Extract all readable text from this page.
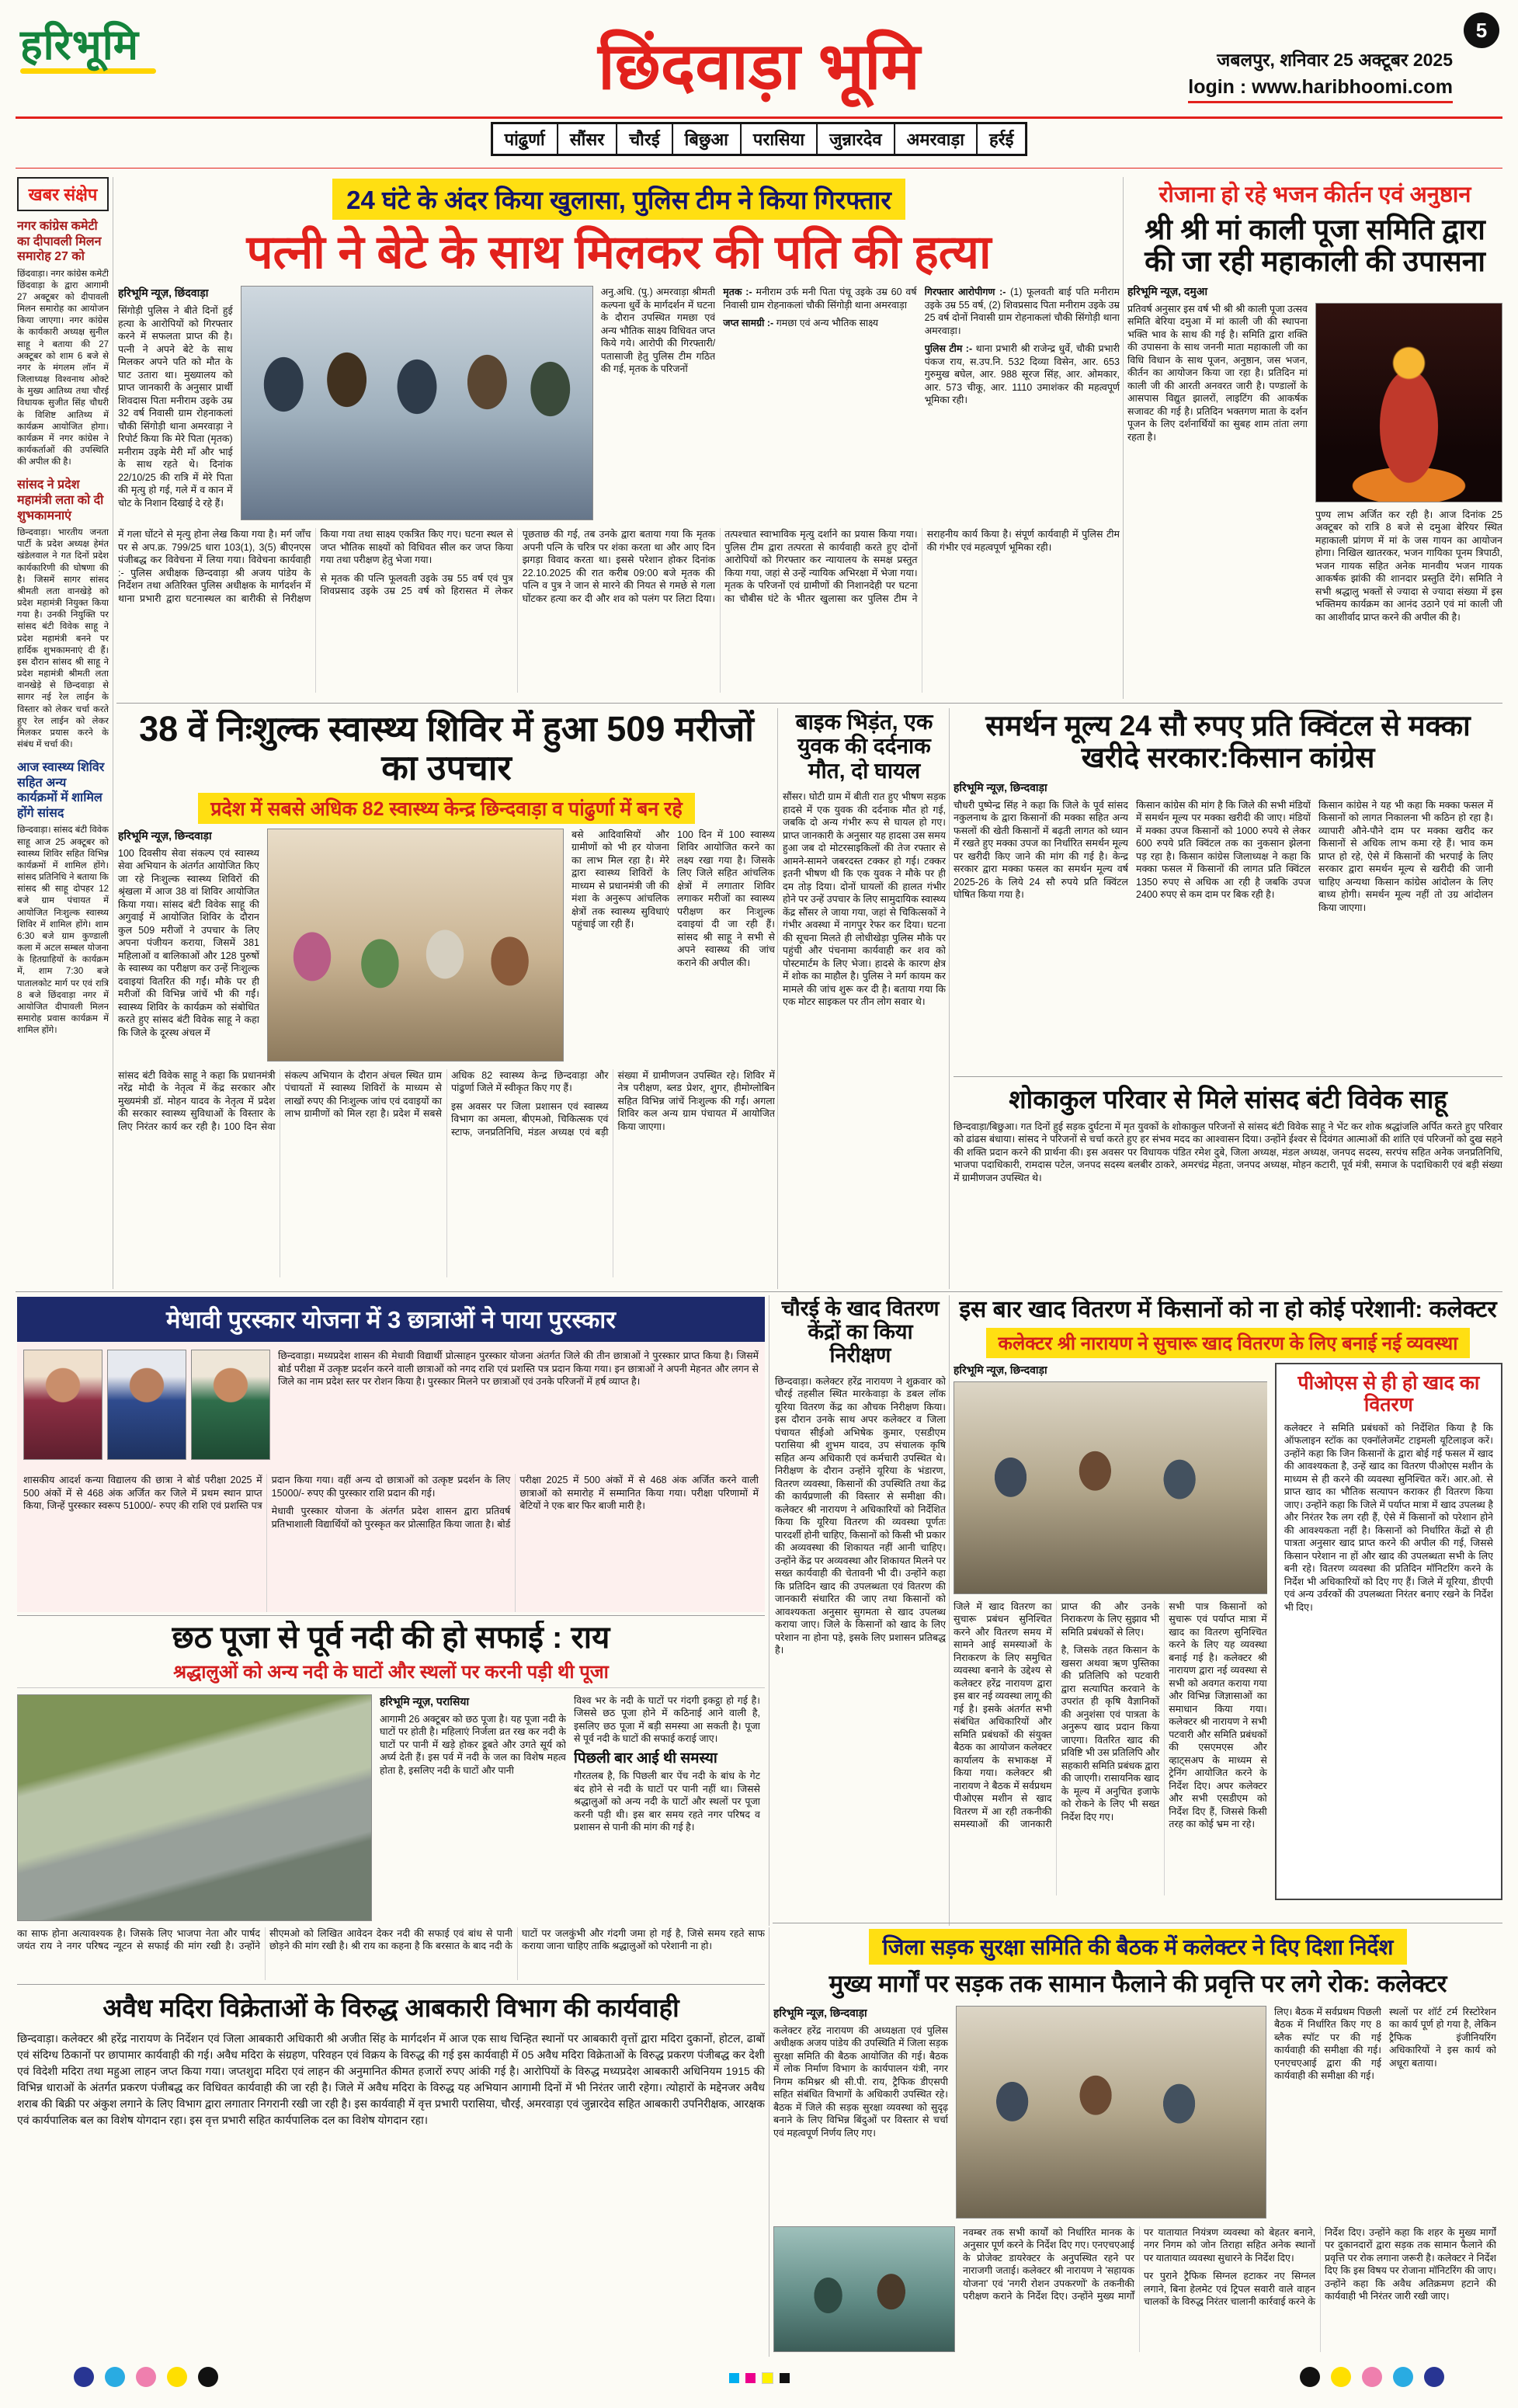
हरिभूमि	छिंदवाड़ा भूमि	जबलपुर, शनिवार 25 अक्टूबर 2025
login : www.haribhoomi.com
5
पांढु्र्णा	सौंसर	चौरई	बिछुआ	परासिया	जुन्नारदेव	अमरवाड़ा	हर्रई
खबर संक्षेप
नगर कांग्रेस कमेटी का दीपावली मिलन समारोह 27 को
छिंदवाड़ा। नगर कांग्रेस कमेटी छिंदवाड़ा के द्वारा आगामी 27 अक्टूबर को दीपावली मिलन समारोह का आयोजन किया जाएगा। नगर कांग्रेस के कार्यकारी अध्यक्ष सुनील साहू ने बताया की 27 अक्टूबर को शाम 6 बजे से नगर के मंगलम लॉन में जिलाध्यक्ष विश्वनाथ ओक्टे के मुख्य आतिथ्य तथा चौरई विधायक सुजीत सिंह चौधरी के विशिष्ट आतिथ्य में कार्यक्रम आयोजित होगा। कार्यक्रम में नगर कांग्रेस ने कार्यकर्ताओं की उपस्थिति की अपील की है।
सांसद ने प्रदेश महामंत्री लता को दी शुभकामनाएं
छिन्दवाड़ा। भारतीय जनता पार्टी के प्रदेश अध्यक्ष हेमंत खंडेलवाल ने गत दिनों प्रदेश कार्यकारिणी की घोषणा की है। जिसमें सागर सांसद श्रीमती लता वानखेड़े को प्रदेश महामंत्री नियुक्त किया गया है। उनकी नियुक्ति पर सांसद बंटी विवेक साहू ने प्रदेश महामंत्री बनने पर हार्दिक शुभकामनाएं दी हैं। इस दौरान सांसद श्री साहू ने प्रदेश महामंत्री श्रीमती लता वानखेड़े से छिन्दवाड़ा से सागर नई रेल लाईन के विस्तार को लेकर चर्चा करते हुए रेल लाईन को लेकर मिलकर प्रयास करने के संबंध में चर्चा की।
आज स्वास्थ्य शिविर सहित अन्य कार्यक्रमों में शामिल होंगे सांसद
छिन्दवाड़ा। सांसद बंटी विवेक साहू आज 25 अक्टूबर को स्वास्थ्य शिविर सहित विभिन्न कार्यक्रमों में शामिल होंगे। सांसद प्रतिनिधि ने बताया कि सांसद श्री साहू दोपहर 12 बजे ग्राम पंचायत में आयोजित निःशुल्क स्वास्थ्य शिविर में शामिल होंगे। शाम 6:30 बजे ग्राम कुण्डाली कला में अटल सम्बल योजना के हितग्राहियों के कार्यक्रम में, शाम 7:30 बजे पातालकोट मार्ग पर एवं रात्रि 8 बजे छिंदवाड़ा नगर में आयोजित दीपावली मिलन समारोह प्रवास कार्यक्रम में शामिल होंगे।
24 घंटे के अंदर किया खुलासा, पुलिस टीम ने किया गिरफ्तार
पत्नी ने बेटे के साथ मिलकर की पति की हत्या
हरिभूमि न्यूज़, छिंदवाड़ा
सिंगोड़ी पुलिस ने बीते दिनों हुई हत्या के आरोपियों को गिरफ्तार करने में सफलता प्राप्त की है। पत्नी ने अपने बेटे के साथ मिलकर अपने पति को मौत के घाट उतारा था। मुख्यालय को प्राप्त जानकारी के अनुसार प्रार्थी शिवदास पिता मनीराम उइके उम्र 32 वर्ष निवासी ग्राम रोहनाकलां चौकी सिंगोड़ी थाना अमरवाड़ा ने रिपोर्ट किया कि मेरे पिता (मृतक) मनीराम उइके मेरी माँ और भाई के साथ रहते थे। दिनांक 22/10/25 की रात्रि में मेरे पिता की मृत्यु हो गई, गले में व कान में चोट के निशान दिखाई दे रहे हैं।
अनु.अधि. (पु.) अमरवाड़ा श्रीमती कल्पना धुर्वे के मार्गदर्शन में घटना के दौरान उपस्थित गमछा एवं अन्य भौतिक साक्ष्य विधिवत जप्त किये गये। आरोपी की गिरफ्तारी/पतासाजी हेतु पुलिस टीम गठित की गई, मृतक के परिजनों

मृतक :- मनीराम उर्फ मनी पिता पंचू उइके उम्र 60 वर्ष निवासी ग्राम रोहनाकलां चौकी सिंगोड़ी थाना अमरवाड़ा

जप्त सामग्री :- गमछा एवं अन्य भौतिक साक्ष्य

गिरफ्तार आरोपीगण :- (1) फूलवती बाई पति मनीराम उइके उम्र 55 वर्ष, (2) शिवप्रसाद पिता मनीराम उइके उम्र 25 वर्ष दोनों निवासी ग्राम रोहनाकलां चौकी सिंगोड़ी थाना अमरवाड़ा।

पुलिस टीम :- थाना प्रभारी श्री राजेन्द्र धुर्वे, चौकी प्रभारी पंकज राय, स.उप.नि. 532 दिव्या विसेन, आर. 653 गुरुमुख बघेल, आर. 988 सूरज सिंह, आर. ओमकार, आर. 573 चीकू, आर. 1110 उमाशंकर की महत्वपूर्ण भूमिका रही।

में गला घोंटने से मृत्यु होना लेख किया गया है। मर्ग जाँच पर से अप.क्र. 799/25 धारा 103(1), 3(5) बीएनएस पंजीबद्ध कर विवेचना में लिया गया। विवेचना कार्यवाही :- पुलिस अधीक्षक छिन्दवाड़ा श्री अजय पांडेय के निर्देशन तथा अतिरिक्त पुलिस अधीक्षक के मार्गदर्शन में थाना प्रभारी द्वारा घटनास्थल का बारीकी से निरीक्षण किया गया तथा साक्ष्य एकत्रित किए गए। घटना स्थल से जप्त भौतिक साक्ष्यों को विधिवत सील कर जप्त किया गया तथा परीक्षण हेतु भेजा गया।

से मृतक की पत्नि फूलवती उइके उम्र 55 वर्ष एवं पुत्र शिवप्रसाद उइके उम्र 25 वर्ष को हिरासत में लेकर पूछताछ की गई, तब उनके द्वारा बताया गया कि मृतक अपनी पत्नि के चरित्र पर शंका करता था और आए दिन झगड़ा विवाद करता था। इससे परेशान होकर दिनांक 22.10.2025 की रात करीब 09:00 बजे मृतक की पत्नि व पुत्र ने जान से मारने की नियत से गमछे से गला घोंटकर हत्या कर दी और शव को पलंग पर लिटा दिया। तत्पश्चात स्वाभाविक मृत्यु दर्शाने का प्रयास किया गया। पुलिस टीम द्वारा तत्परता से कार्यवाही करते हुए दोनों आरोपियों को गिरफ्तार कर न्यायालय के समक्ष प्रस्तुत किया गया, जहां से उन्हें न्यायिक अभिरक्षा में भेजा गया। मृतक के परिजनों एवं ग्रामीणों की निशानदेही पर घटना का चौबीस घंटे के भीतर खुलासा कर पुलिस टीम ने सराहनीय कार्य किया है। संपूर्ण कार्यवाही में पुलिस टीम की गंभीर एवं महत्वपूर्ण भूमिका रही।

रोजाना हो रहे भजन कीर्तन एवं अनुष्ठान
श्री श्री मां काली पूजा समिति द्वारा की जा रही महाकाली की उपासना
हरिभूमि न्यूज़, दमुआ
प्रतिवर्ष अनुसार इस वर्ष भी श्री श्री काली पूजा उत्सव समिति बेरिया दमुआ में मां काली जी की स्थापना भक्ति भाव के साथ की गई है। समिति द्वारा शक्ति की उपासना के साथ जननी माता महाकाली जी का विधि विधान के साथ पूजन, अनुष्ठान, जस भजन, कीर्तन का आयोजन किया जा रहा है। प्रतिदिन मां काली जी की आरती अनवरत जारी है। पण्डालों के आसपास विद्युत झालरों, लाइटिंग की आकर्षक सजावट की गई है। प्रतिदिन भक्तगण माता के दर्शन पूजन के लिए दर्शनार्थियों का सुबह शाम तांता लगा रहता है।
पुण्य लाभ अर्जित कर रही है। आज दिनांक 25 अक्टूबर को रात्रि 8 बजे से दमुआ बेरियर स्थित महाकाली प्रांगण में मां के जस गायन का आयोजन होगा। निखिल खातरकर, भजन गायिका पूनम त्रिपाठी, भजन गायक सहित अनेक मानवीय भजन गायक आकर्षक झांकी की शानदार प्रस्तुति देंगे। समिति ने सभी श्रद्धालु भक्तों से ज्यादा से ज्यादा संख्या में इस भक्तिमय कार्यक्रम का आनंद उठाने एवं मां काली जी का आशीर्वाद प्राप्त करने की अपील की है।
38 वें निःशुल्क स्वास्थ्य शिविर में हुआ 509 मरीजों का उपचार
प्रदेश में सबसे अधिक 82 स्वास्थ्य केन्द्र छिन्दवाड़ा व पांढुर्णा में बन रहे
हरिभूमि न्यूज़, छिन्दवाड़ा
100 दिवसीय सेवा संकल्प एवं स्वास्थ्य सेवा अभियान के अंतर्गत आयोजित किए जा रहे निःशुल्क स्वास्थ्य शिविरों की श्रृंखला में आज 38 वां शिविर आयोजित किया गया। सांसद बंटी विवेक साहू की अगुवाई में आयोजित शिविर के दौरान कुल 509 मरीजों ने उपचार के लिए अपना पंजीयन कराया, जिसमें 381 महिलाओं व बालिकाओं और 128 पुरुषों के स्वास्थ्य का परीक्षण कर उन्हें निःशुल्क दवाइयां वितरित की गईं। मौके पर ही मरीजों की विभिन्न जांचें भी की गईं। स्वास्थ्य शिविर के कार्यक्रम को संबोधित करते हुए सांसद बंटी विवेक साहू ने कहा कि जिले के दूरस्थ अंचल में
बसे आदिवासियों और ग्रामीणों को भी हर योजना का लाभ मिल रहा है। मेरे द्वारा स्वास्थ्य शिविरों के माध्यम से प्रधानमंत्री जी की मंशा के अनुरूप आंचलिक क्षेत्रों तक स्वास्थ्य सुविधाएं पहुंचाई जा रही हैं।
100 दिन में 100 स्वास्थ्य शिविर आयोजित करने का लक्ष्य रखा गया है। जिसके लिए जिले सहित आंचलिक क्षेत्रों में लगातार शिविर लगाकर मरीजों का स्वास्थ्य परीक्षण कर निःशुल्क दवाइयां दी जा रही हैं। सांसद श्री साहू ने सभी से अपने स्वास्थ्य की जांच कराने की अपील की।

सांसद बंटी विवेक साहू ने कहा कि प्रधानमंत्री नरेंद्र मोदी के नेतृत्व में केंद्र सरकार और मुख्यमंत्री डॉ. मोहन यादव के नेतृत्व में प्रदेश की सरकार स्वास्थ्य सुविधाओं के विस्तार के लिए निरंतर कार्य कर रही है। 100 दिन सेवा संकल्प अभियान के दौरान अंचल स्थित ग्राम पंचायतों में स्वास्थ्य शिविरों के माध्यम से लाखों रुपए की निःशुल्क जांच एवं दवाइयों का लाभ ग्रामीणों को मिल रहा है। प्रदेश में सबसे अधिक 82 स्वास्थ्य केन्द्र छिन्दवाड़ा और पांढुर्णा जिले में स्वीकृत किए गए हैं।

इस अवसर पर जिला प्रशासन एवं स्वास्थ्य विभाग का अमला, बीएमओ, चिकित्सक एवं स्टाफ, जनप्रतिनिधि, मंडल अध्यक्ष एवं बड़ी संख्या में ग्रामीणजन उपस्थित रहे। शिविर में नेत्र परीक्षण, ब्लड प्रेशर, शुगर, हीमोग्लोबिन सहित विभिन्न जांचें निःशुल्क की गईं। अगला शिविर कल अन्य ग्राम पंचायत में आयोजित किया जाएगा।

बाइक भिड़ंत, एक युवक की दर्दनाक मौत, दो घायल
सौंसर। घोटी ग्राम में बीती रात हुए भीषण सड़क हादसे में एक युवक की दर्दनाक मौत हो गई, जबकि दो अन्य गंभीर रूप से घायल हो गए। प्राप्त जानकारी के अनुसार यह हादसा उस समय हुआ जब दो मोटरसाइकिलों की तेज रफ्तार से आमने-सामने जबरदस्त टक्कर हो गई। टक्कर इतनी भीषण थी कि एक युवक ने मौके पर ही दम तोड़ दिया। दोनों घायलों की हालत गंभीर होने पर उन्हें उपचार के लिए सामुदायिक स्वास्थ्य केंद्र सौंसर ले जाया गया, जहां से चिकित्सकों ने गंभीर अवस्था में नागपुर रेफर कर दिया। घटना की सूचना मिलते ही लोधीखेड़ा पुलिस मौके पर पहुंची और पंचनामा कार्यवाही कर शव को पोस्टमार्टम के लिए भेजा। हादसे के कारण क्षेत्र में शोक का माहौल है। पुलिस ने मर्ग कायम कर मामले की जांच शुरू कर दी है। बताया गया कि एक मोटर साइकल पर तीन लोग सवार थे।
समर्थन मूल्य 24 सौ रुपए प्रति क्विंटल से मक्का खरीदे सरकार:किसान कांग्रेस
हरिभूमि न्यूज़, छिन्दवाड़ा
चौधरी पुष्पेन्द्र सिंह ने कहा कि जिले के पूर्व सांसद नकुलनाथ के द्वारा किसानों की मक्का सहित अन्य फसलों की खेती किसानों में बढ़ती लागत को ध्यान में रखते हुए मक्का उपज का निर्धारित समर्थन मूल्य पर खरीदी किए जाने की मांग की गई है। केन्द्र सरकार द्वारा मक्का फसल का समर्थन मूल्य वर्ष 2025-26 के लिये 24 सौ रुपये प्रति क्विंटल घोषित किया गया है।
किसान कांग्रेस की मांग है कि जिले की सभी मंडियों में समर्थन मूल्य पर मक्का खरीदी की जाए। मंडियों में मक्का उपज किसानों को 1000 रुपये से लेकर 600 रुपये प्रति क्विंटल तक का नुकसान झेलना पड़ रहा है। किसान कांग्रेस जिलाध्यक्ष ने कहा कि मक्का फसल में किसानों की लागत प्रति क्विंटल 1350 रुपए से अधिक आ रही है जबकि उपज 2400 रुपए से कम दाम पर बिक रही है।
किसान कांग्रेस ने यह भी कहा कि मक्का फसल में किसानों को लागत निकालना भी कठिन हो रहा है। व्यापारी औने-पौने दाम पर मक्का खरीद कर किसानों से अधिक लाभ कमा रहे हैं। भाव कम प्राप्त हो रहे, ऐसे में किसानों की भरपाई के लिए सरकार द्वारा समर्थन मूल्य से खरीदी की जानी चाहिए अन्यथा किसान कांग्रेस आंदोलन के लिए बाध्य होगी। समर्थन मूल्य नहीं तो उग्र आंदोलन किया जाएगा।
शोकाकुल परिवार से मिले सांसद बंटी विवेक साहू
छिन्दवाड़ा/बिछुआ। गत दिनों हुई सड़क दुर्घटना में मृत युवकों के शोकाकुल परिजनों से सांसद बंटी विवेक साहू ने भेंट कर शोक श्रद्धांजलि अर्पित करते हुए परिवार को ढांढस बंधाया। सांसद ने परिजनों से चर्चा करते हुए हर संभव मदद का आश्वासन दिया। उन्होंने ईश्वर से दिवंगत आत्माओं की शांति एवं परिजनों को दुख सहने की शक्ति प्रदान करने की प्रार्थना की। इस अवसर पर विधायक पंडित रमेश दुबे, जिला अध्यक्ष, मंडल अध्यक्ष, जनपद सदस्य, सरपंच सहित अनेक जनप्रतिनिधि, भाजपा पदाधिकारी, रामदास पटेल, जनपद सदस्य बलबीर ठाकरे, अमरचंद्र मेहता, जनपद अध्यक्ष, मोहन कटारी, पूर्व मंत्री, समाज के पदाधिकारी एवं बड़ी संख्या में ग्रामीणजन उपस्थित थे।
मेधावी पुरस्कार योजना में 3 छात्राओं ने पाया पुरस्कार
छिन्दवाड़ा। मध्यप्रदेश शासन की मेधावी विद्यार्थी प्रोत्साहन पुरस्कार योजना अंतर्गत जिले की तीन छात्राओं ने पुरस्कार प्राप्त किया है। जिसमें बोर्ड परीक्षा में उत्कृष्ट प्रदर्शन करने वाली छात्राओं को नगद राशि एवं प्रशस्ति पत्र प्रदान किया गया। इन छात्राओं ने अपनी मेहनत और लगन से जिले का नाम प्रदेश स्तर पर रोशन किया है। पुरस्कार मिलने पर छात्राओं एवं उनके परिजनों में हर्ष व्याप्त है।

शासकीय आदर्श कन्या विद्यालय की छात्रा ने बोर्ड परीक्षा 2025 में 500 अंकों में से 468 अंक अर्जित कर जिले में प्रथम स्थान प्राप्त किया, जिन्हें पुरस्कार स्वरूप 51000/- रुपए की राशि एवं प्रशस्ति पत्र प्रदान किया गया। वहीं अन्य दो छात्राओं को उत्कृष्ट प्रदर्शन के लिए 15000/- रुपए की पुरस्कार राशि प्रदान की गई।

मेधावी पुरस्कार योजना के अंतर्गत प्रदेश शासन द्वारा प्रतिवर्ष प्रतिभाशाली विद्यार्थियों को पुरस्कृत कर प्रोत्साहित किया जाता है। बोर्ड परीक्षा 2025 में 500 अंकों में से 468 अंक अर्जित करने वाली छात्राओं को समारोह में सम्मानित किया गया। परीक्षा परिणामों में बेटियों ने एक बार फिर बाजी मारी है।

चौरई के खाद वितरण केंद्रों का किया निरीक्षण
छिन्दवाड़ा। कलेक्टर हरेंद्र नारायण ने शुक्रवार को चौरई तहसील स्थित मारकेवाड़ा के डबल लॉक यूरिया वितरण केंद्र का औचक निरीक्षण किया। इस दौरान उनके साथ अपर कलेक्टर व जिला पंचायत सीईओ अभिषेक कुमार, एसडीएम परासिया श्री शुभम यादव, उप संचालक कृषि सहित अन्य अधिकारी एवं कर्मचारी उपस्थित थे। निरीक्षण के दौरान उन्होंने यूरिया के भंडारण, वितरण व्यवस्था, किसानों की उपस्थिति तथा केंद्र की कार्यप्रणाली की विस्तार से समीक्षा की। कलेक्टर श्री नारायण ने अधिकारियों को निर्देशित किया कि यूरिया वितरण की व्यवस्था पूर्णतः पारदर्शी होनी चाहिए, किसानों को किसी भी प्रकार की अव्यवस्था की शिकायत नहीं आनी चाहिए। उन्होंने केंद्र पर अव्यवस्था और शिकायत मिलने पर सख्त कार्यवाही की चेतावनी भी दी। उन्होंने कहा कि प्रतिदिन खाद की उपलब्धता एवं वितरण की जानकारी संधारित की जाए तथा किसानों को आवश्यकता अनुसार सुगमता से खाद उपलब्ध कराया जाए। जिले के किसानों को खाद के लिए परेशान ना होना पड़े, इसके लिए प्रशासन प्रतिबद्ध है।
इस बार खाद वितरण में किसानों को ना हो कोई परेशानी: कलेक्टर
कलेक्टर श्री नारायण ने सुचारू खाद वितरण के लिए बनाई नई व्यवस्था
हरिभूमि न्यूज़, छिन्दवाड़ा

जिले में खाद वितरण का सुचारू प्रबंधन सुनिश्चित करने और वितरण समय में सामने आई समस्याओं के निराकरण के लिए समुचित व्यवस्था बनाने के उद्देश्य से कलेक्टर हरेंद्र नारायण द्वारा इस बार नई व्यवस्था लागू की गई है। इसके अंतर्गत सभी संबंधित अधिकारियों और समिति प्रबंधकों की संयुक्त बैठक का आयोजन कलेक्टर कार्यालय के सभाकक्ष में किया गया। कलेक्टर श्री नारायण ने बैठक में सर्वप्रथम पीओएस मशीन से खाद वितरण में आ रही तकनीकी समस्याओं की जानकारी प्राप्त की और उनके निराकरण के लिए सुझाव भी समिति प्रबंधकों से लिए।

है, जिसके तहत किसान के खसरा अथवा ऋण पुस्तिका की प्रतिलिपि को पटवारी द्वारा सत्यापित करवाने के उपरांत ही कृषि वैज्ञानिकों की अनुशंसा एवं पात्रता के अनुरूप खाद प्रदान किया जाएगा। वितरित खाद की प्रविष्टि भी उस प्रतिलिपि और सहकारी समिति प्रबंधक द्वारा की जाएगी। रासायनिक खाद के मूल्य में अनुचित इजाफे को रोकने के लिए भी सख्त निर्देश दिए गए।

सभी पात्र किसानों को सुचारू एवं पर्याप्त मात्रा में खाद का वितरण सुनिश्चित करने के लिए यह व्यवस्था बनाई गई है। कलेक्टर श्री नारायण द्वारा नई व्यवस्था से सभी को अवगत कराया गया और विभिन्न जिज्ञासाओं का समाधान किया गया। कलेक्टर श्री नारायण ने सभी पटवारी और समिति प्रबंधकों की एसएमएस और व्हाट्सअप के माध्यम से ट्रेनिंग आयोजित करने के निर्देश दिए। अपर कलेक्टर और सभी एसडीएम को निर्देश दिए हैं, जिससे किसी तरह का कोई भ्रम ना रहे।

पीओएस से ही हो खाद का वितरण
कलेक्टर ने समिति प्रबंधकों को निर्देशित किया है कि ऑफलाइन स्टॉक का एक्नॉलेजमेंट टाइमली यूटिलाइज करें। उन्होंने कहा कि जिन किसानों के द्वारा बोई गई फसल में खाद की आवश्यकता है, उन्हें खाद का वितरण पीओएस मशीन के माध्यम से ही करने की व्यवस्था सुनिश्चित करें। आर.ओ. से प्राप्त खाद का भौतिक सत्यापन कराकर ही वितरण किया जाए। उन्होंने कहा कि जिले में पर्याप्त मात्रा में खाद उपलब्ध है और निरंतर रैक लग रही हैं, ऐसे में किसानों को परेशान होने की आवश्यकता नहीं है। किसानों को निर्धारित केंद्रों से ही पात्रता अनुसार खाद प्राप्त करने की अपील की गई, जिससे किसान परेशान ना हों और खाद की उपलब्धता सभी के लिए बनी रहे। वितरण व्यवस्था की प्रतिदिन मॉनिटरिंग करने के निर्देश भी अधिकारियों को दिए गए हैं। जिले में यूरिया, डीएपी एवं अन्य उर्वरकों की उपलब्धता निरंतर बनाए रखने के निर्देश भी दिए।
छठ पूजा से पूर्व नदी की हो सफाई : राय
श्रद्धालुओं को अन्य नदी के घाटों और स्थलों पर करनी पड़ी थी पूजा
हरिभूमि न्यूज़, परासिया
आगामी 26 अक्टूबर को छठ पूजा है। यह पूजा नदी के घाटों पर होती है। महिलाएं निर्जला व्रत रख कर नदी के घाटों पर पानी में खड़े होकर डूबते और उगते सूर्य को अर्घ्य देती हैं। इस पर्व में नदी के जल का विशेष महत्व होता है, इसलिए नदी के घाटों और पानी
विश्व भर के नदी के घाटों पर गंदगी इकट्ठा हो गई है। जिससे छठ पूजा होने में कठिनाई आने वाली है, इसलिए छठ पूजा में बड़ी समस्या आ सकती है। पूजा से पूर्व नदी के घाटों की सफाई कराई जाए।
पिछली बार आई थी समस्या
गौरतलब है, कि पिछली बार पेंच नदी के बांध के गेट बंद होने से नदी के घाटों पर पानी नहीं था। जिससे श्रद्धालुओं को अन्य नदी के घाटों और स्थलों पर पूजा करनी पड़ी थी। इस बार समय रहते नगर परिषद व प्रशासन से पानी की मांग की गई है।
का साफ होना अत्यावश्यक है। जिसके लिए भाजपा नेता और पार्षद जयंत राय ने नगर परिषद न्यूटन से सफाई की मांग रखी है। उन्होंने सीएमओ को लिखित आवेदन देकर नदी की सफाई एवं बांध से पानी छोड़ने की मांग रखी है। श्री राय का कहना है कि बरसात के बाद नदी के घाटों पर जलकुंभी और गंदगी जमा हो गई है, जिसे समय रहते साफ कराया जाना चाहिए ताकि श्रद्धालुओं को परेशानी ना हो।
अवैध मदिरा विक्रेताओं के विरुद्ध आबकारी विभाग की कार्यवाही
छिन्दवाड़ा। कलेक्टर श्री हरेंद्र नारायण के निर्देशन एवं जिला आबकारी अधिकारी श्री अजीत सिंह के मार्गदर्शन में आज एक साथ चिन्हित स्थानों पर आबकारी वृत्तों द्वारा मदिरा दुकानों, होटल, ढाबों एवं संदिग्ध ठिकानों पर छापामार कार्यवाही की गई। अवैध मदिरा के संग्रहण, परिवहन एवं विक्रय के विरुद्ध की गई इस कार्यवाही में 05 अवैध मदिरा विक्रेताओं के विरुद्ध प्रकरण पंजीबद्ध कर देशी एवं विदेशी मदिरा तथा महुआ लाहन जप्त किया गया। जप्तशुदा मदिरा एवं लाहन की अनुमानित कीमत हजारों रुपए आंकी गई है। आरोपियों के विरुद्ध मध्यप्रदेश आबकारी अधिनियम 1915 की विभिन्न धाराओं के अंतर्गत प्रकरण पंजीबद्ध कर विधिवत कार्यवाही की जा रही है। जिले में अवैध मदिरा के विरुद्ध यह अभियान आगामी दिनों में भी निरंतर जारी रहेगा। त्योहारों के मद्देनजर अवैध शराब की बिक्री पर अंकुश लगाने के लिए विभाग द्वारा लगातार निगरानी रखी जा रही है। इस कार्यवाही में वृत्त प्रभारी परासिया, चौरई, अमरवाड़ा एवं जुन्नारदेव सहित आबकारी उपनिरीक्षक, आरक्षक एवं कार्यपालिक बल का विशेष योगदान रहा। इस वृत्त प्रभारी सहित कार्यपालिक दल का विशेष योगदान रहा।
जिला सड़क सुरक्षा समिति की बैठक में कलेक्टर ने दिए दिशा निर्देश
मुख्य मार्गों पर सड़क तक सामान फैलाने की प्रवृत्ति पर लगे रोक: कलेक्टर
हरिभूमि न्यूज़, छिन्दवाड़ा
कलेक्टर हरेंद्र नारायण की अध्यक्षता एवं पुलिस अधीक्षक अजय पांडेय की उपस्थिति में जिला सड़क सुरक्षा समिति की बैठक आयोजित की गई। बैठक में लोक निर्माण विभाग के कार्यपालन यंत्री, नगर निगम कमिश्नर श्री सी.पी. राय, ट्रैफिक डीएसपी सहित संबंधित विभागों के अधिकारी उपस्थित रहे। बैठक में जिले की सड़क सुरक्षा व्यवस्था को सुदृढ़ बनाने के लिए विभिन्न बिंदुओं पर विस्तार से चर्चा एवं महत्वपूर्ण निर्णय लिए गए।
लिए। बैठक में सर्वप्रथम पिछली बैठक में निर्धारित किए गए 8 ब्लैक स्पॉट पर की गई कार्यवाही की समीक्षा की गई। एनएचएआई द्वारा की गई कार्यवाही की समीक्षा की गई।
स्थलों पर शॉर्ट टर्म रिस्टोरेशन का कार्य पूर्ण हो गया है, लेकिन ट्रैफिक इंजीनियरिंग अधिकारियों ने इस कार्य को अधूरा बताया।

नवम्बर तक सभी कार्यों को निर्धारित मानक के अनुसार पूर्ण करने के निर्देश दिए गए। एनएचएआई के प्रोजेक्ट डायरेक्टर के अनुपस्थित रहने पर नाराजगी जताई। कलेक्टर श्री नारायण ने 'सहायक योजना' एवं 'नगरी रोशन उपकरणों' के तकनीकी परीक्षण कराने के निर्देश दिए। उन्होंने मुख्य मार्गों पर यातायात नियंत्रण व्यवस्था को बेहतर बनाने, नगर निगम को जोन तिराहा सहित अनेक स्थानों पर यातायात व्यवस्था सुधारने के निर्देश दिए।

पर पुराने ट्रैफिक सिग्नल हटाकर नए सिग्नल लगाने, बिना हेलमेट एवं ट्रिपल सवारी वाले वाहन चालकों के विरुद्ध निरंतर चालानी कार्रवाई करने के निर्देश दिए। उन्होंने कहा कि शहर के मुख्य मार्गों पर दुकानदारों द्वारा सड़क तक सामान फैलाने की प्रवृत्ति पर रोक लगाना जरूरी है। कलेक्टर ने निर्देश दिए कि इस विषय पर रोजाना मॉनिटरिंग की जाए। उन्होंने कहा कि अवैध अतिक्रमण हटाने की कार्यवाही भी निरंतर जारी रखी जाए।
